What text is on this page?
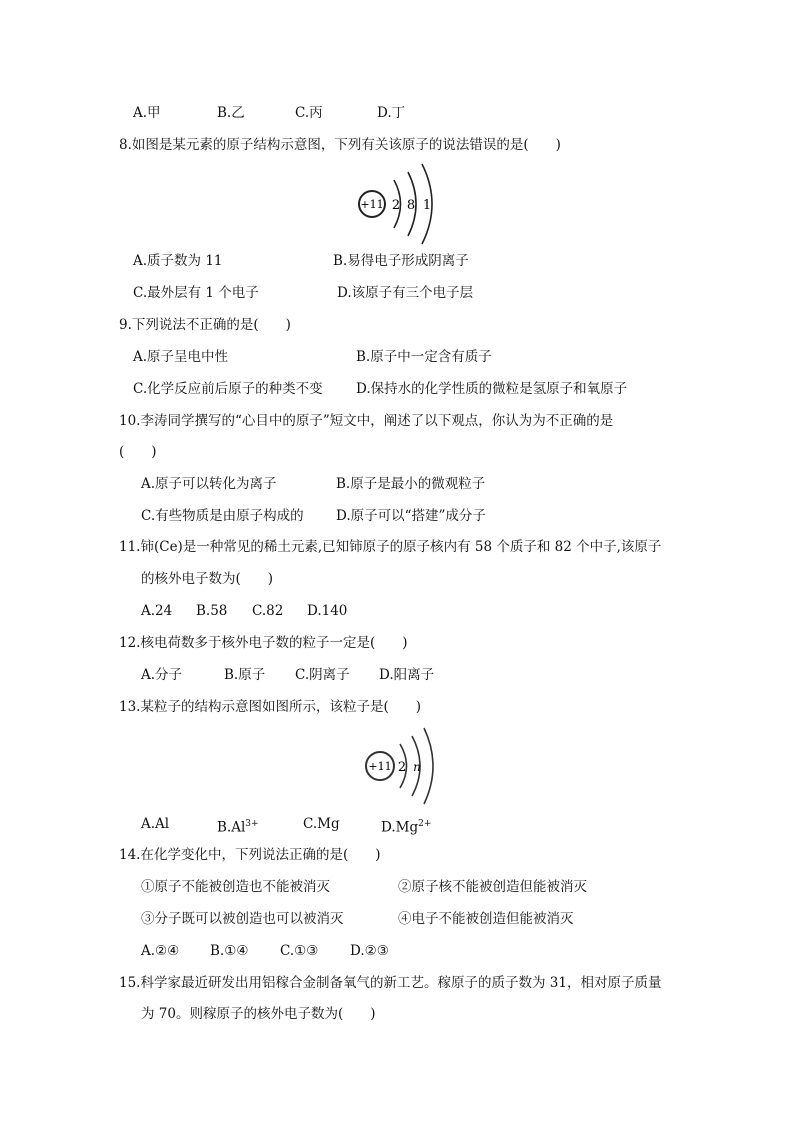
A.甲	B.乙	C.丙	D.丁
8.如图是某元素的原子结构示意图，下列有关该原子的说法错误的是(　　)
+11 2 8 1
A.质子数为 11	B.易得电子形成阴离子
C.最外层有 1 个电子	D.该原子有三个电子层
9.下列说法不正确的是(　　)
A.原子呈电中性	B.原子中一定含有质子
C.化学反应前后原子的种类不变 D.保持水的化学性质的微粒是氢原子和氧原子
10.李涛同学撰写的“心目中的原子”短文中，阐述了以下观点，你认为为不正确的是
(　　)
A.原子可以转化为离子	B.原子是最小的微观粒子
C.有些物质是由原子构成的 D.原子可以“搭建”成分子
11.铈(Ce)是一种常见的稀土元素,已知铈原子的原子核内有 58 个质子和 82 个中子,该原子
的核外电子数为(　　)
A.24 B.58 C.82 D.140
12.核电荷数多于核外电子数的粒子一定是(　　)
A.分子	B.原子 C.阴离子 D.阳离子
13.某粒子的结构示意图如图所示，该粒子是(　　)
+11 2 n
A.Al	$B.Al^{3+}$	C.Mg	$D.Mg^{2+}$
14.在化学变化中，下列说法正确的是(　　)
①原子不能被创造也不能被消灭	②原子核不能被创造但能被消灭
③分子既可以被创造也可以被消灭	④电子不能被创造但能被消灭
A.②④ B.①④ C.①③ D.②③
15.科学家最近研发出用铝稼合金制备氧气的新工艺。稼原子的质子数为 31，相对原子质量
为 70。则稼原子的核外电子数为(　　)
